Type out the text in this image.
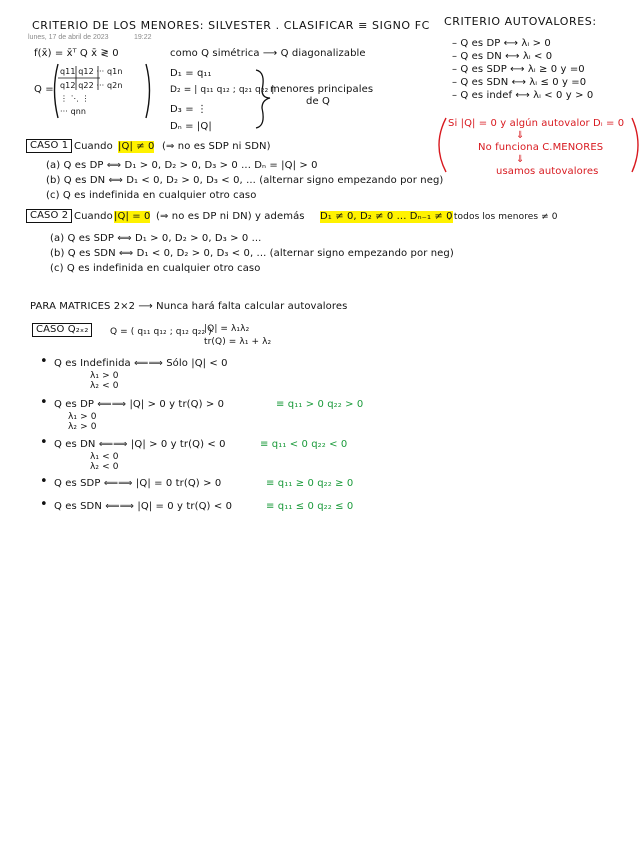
CRITERIO DE LOS MENORES: SILVESTER . CLASIFICAR ≡ SIGNO FC
lunes, 17 de abril de 2023	19:22
f(x̄) = x̄ᵀ Q x̄ ≷ 0	como Q simétrica ⟶ Q diagonalizable
Q =
q11 q12 ··· q1n
q12 q22 ··· q2n
⋮ ⋱ ⋮
··· qnn
D₁ = q₁₁
D₂ = | q₁₁ q₁₂ ; q₂₁ q₂₂ |
D₃ = ⋮
Dₙ = |Q|
menores principales
de Q
CRITERIO AUTOVALORES:
– Q es DP ⟷ λᵢ > 0
– Q es DN ⟷ λᵢ < 0
– Q es SDP ⟷ λᵢ ≥ 0 y =0
– Q es SDN ⟷ λᵢ ≤ 0 y =0
– Q es indef ⟷ λᵢ < 0 y > 0
Si |Q| = 0 y algún autovalor Dᵢ = 0
⇓
No funciona C.MENORES
⇓
usamos autovalores
CASO 1 Cuando |Q| ≠ 0 (⇒ no es SDP ni SDN)
(a) Q es DP ⟺ D₁ > 0, D₂ > 0, D₃ > 0 ... Dₙ = |Q| > 0
(b) Q es DN ⟺ D₁ < 0, D₂ > 0, D₃ < 0, ... (alternar signo empezando por neg)
(c) Q es indefinida en cualquier otro caso
CASO 2 Cuando |Q| = 0 (⇒ no es DP ni DN) y además D₁ ≠ 0, D₂ ≠ 0 ... Dₙ₋₁ ≠ 0
, todos los menores ≠ 0
(a) Q es SDP ⟺ D₁ > 0, D₂ > 0, D₃ > 0 ...
(b) Q es SDN ⟺ D₁ < 0, D₂ > 0, D₃ < 0, ... (alternar signo empezando por neg)
(c) Q es indefinida en cualquier otro caso
PARA MATRICES 2×2 ⟶ Nunca hará falta calcular autovalores
CASO Q₂ₓ₂	Q = ( q₁₁ q₁₂ ; q₁₂ q₂₂ )
|Q| = λ₁λ₂
tr(Q) = λ₁ + λ₂
• Q es Indefinida ⟸⟹ Sólo |Q| < 0
λ₁ > 0
λ₂ < 0
• Q es DP ⟸⟹ |Q| > 0 y tr(Q) > 0	≡ q₁₁ > 0 q₂₂ > 0
λ₁ > 0
λ₂ > 0
• Q es DN ⟸⟹ |Q| > 0 y tr(Q) < 0	≡ q₁₁ < 0 q₂₂ < 0
λ₁ < 0
λ₂ < 0
• Q es SDP ⟸⟹ |Q| = 0 tr(Q) > 0	≡ q₁₁ ≥ 0 q₂₂ ≥ 0
• Q es SDN ⟸⟹ |Q| = 0 y tr(Q) < 0	≡ q₁₁ ≤ 0 q₂₂ ≤ 0
